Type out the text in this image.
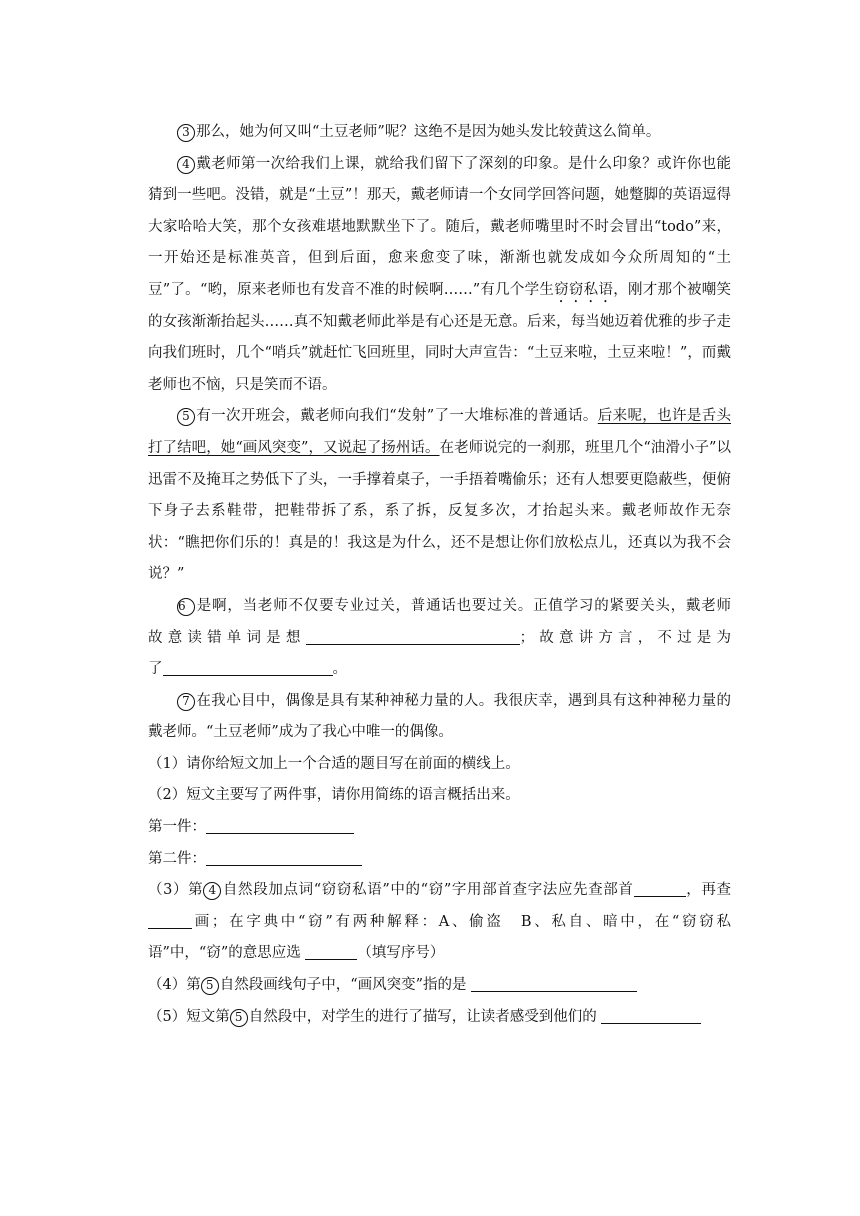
3 那么，她为何又叫“土豆老师”呢？这绝不是因为她头发比较黄这么简单。

4 戴老师第一次给我们上课，就给我们留下了深刻的印象。是什么印象？或许你也能猜到一些吧。没错，就是“土豆”！那天，戴老师请一个女同学回答问题，她蹩脚的英语逗得大家哈哈大笑，那个女孩难堪地默默坐下了。随后，戴老师嘴里时不时会冒出“todo”来，一开始还是标准英音，但到后面，愈来愈变了味，渐渐也就发成如今众所周知的“土豆”了。“哟，原来老师也有发音不准的时候啊……”有几个学生窃窃私语，刚才那个被嘲笑的女孩渐渐抬起头……真不知戴老师此举是有心还是无意。后来，每当她迈着优雅的步子走向我们班时，几个“哨兵”就赶忙飞回班里，同时大声宣告：“土豆来啦，土豆来啦！”，而戴老师也不恼，只是笑而不语。

5 有一次开班会，戴老师向我们“发射”了一大堆标准的普通话。后来呢，也许是舌头打了结吧，她“画风突变”，又说起了扬州话。在老师说完的一刹那，班里几个“油滑小子”以迅雷不及掩耳之势低下了头，一手撑着桌子，一手捂着嘴偷乐；还有人想要更隐蔽些，便俯下身子去系鞋带，把鞋带拆了系，系了拆，反复多次，才抬起头来。戴老师故作无奈状：“瞧把你们乐的！真是的！我这是为什么，还不是想让你们放松点儿，还真以为我不会说？”

6 是啊，当老师不仅要专业过关，普通话也要过关。正值学习的紧要关头，戴老师

故意读错单词是想	；故意讲方言，不过是为

了	。

7 在我心目中，偶像是具有某种神秘力量的人。我很庆幸，遇到具有这种神秘力量的戴老师。“土豆老师”成为了我心中唯一的偶像。

（1）请你给短文加上一个合适的题目写在前面的横线上。

（2）短文主要写了两件事，请你用简练的语言概括出来。

第一件：

第二件：

（3）第 4 自然段加点词“窃窃私语”中的“窃”字用部首查字法应先查部首	，再查画；在字典中“窃”有两种解释：A、偷盗　B、私自、暗中，在“窃窃私语”中，“窃”的意思应选	（填写序号）

（4）第 5 自然段画线句子中，“画风突变”指的是

（5）短文第 5 自然段中，对学生的进行了描写，让读者感受到他们的
